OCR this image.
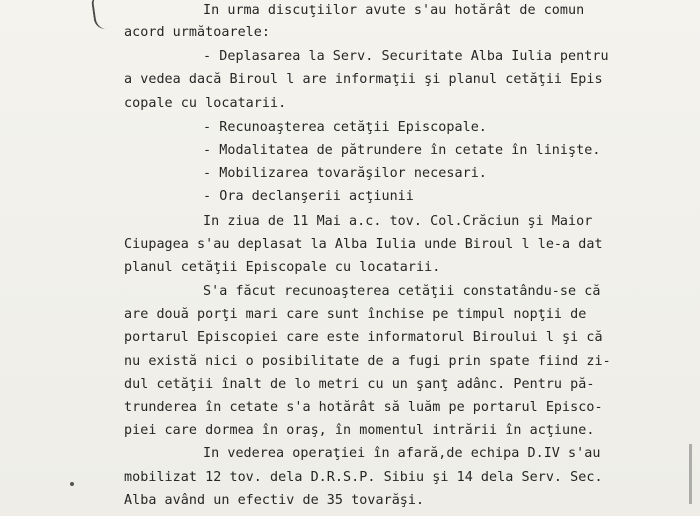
In urma discuţiilor avute s'au hotărât de comun
acord următoarele:
- Deplasarea la Serv. Securitate Alba Iulia pentru
a vedea dacă Biroul l are informaţii şi planul cetăţii Epis
copale cu locatarii.
- Recunoaşterea cetăţii Episcopale.
- Modalitatea de pătrundere în cetate în linişte.
- Mobilizarea tovarăşilor necesari.
- Ora declanşerii acţiunii
In ziua de 11 Mai a.c. tov. Col.Crăciun şi Maior
Ciupagea s'au deplasat la Alba Iulia unde Biroul l le-a dat
planul cetăţii Episcopale cu locatarii.
S'a făcut recunoaşterea cetăţii constatându-se că
are două porţi mari care sunt închise pe timpul nopţii de
portarul Episcopiei care este informatorul Biroului l şi că
nu există nici o posibilitate de a fugi prin spate fiind zi-
dul cetăţii înalt de lo metri cu un şanţ adânc. Pentru pă-
trunderea în cetate s'a hotărât să luăm pe portarul Episco-
piei care dormea în oraş, în momentul intrării în acţiune.
In vederea operaţiei în afară,de echipa D.IV s'au
mobilizat 12 tov. dela D.R.S.P. Sibiu şi 14 dela Serv. Sec.
Alba având un efectiv de 35 tovarăşi.
